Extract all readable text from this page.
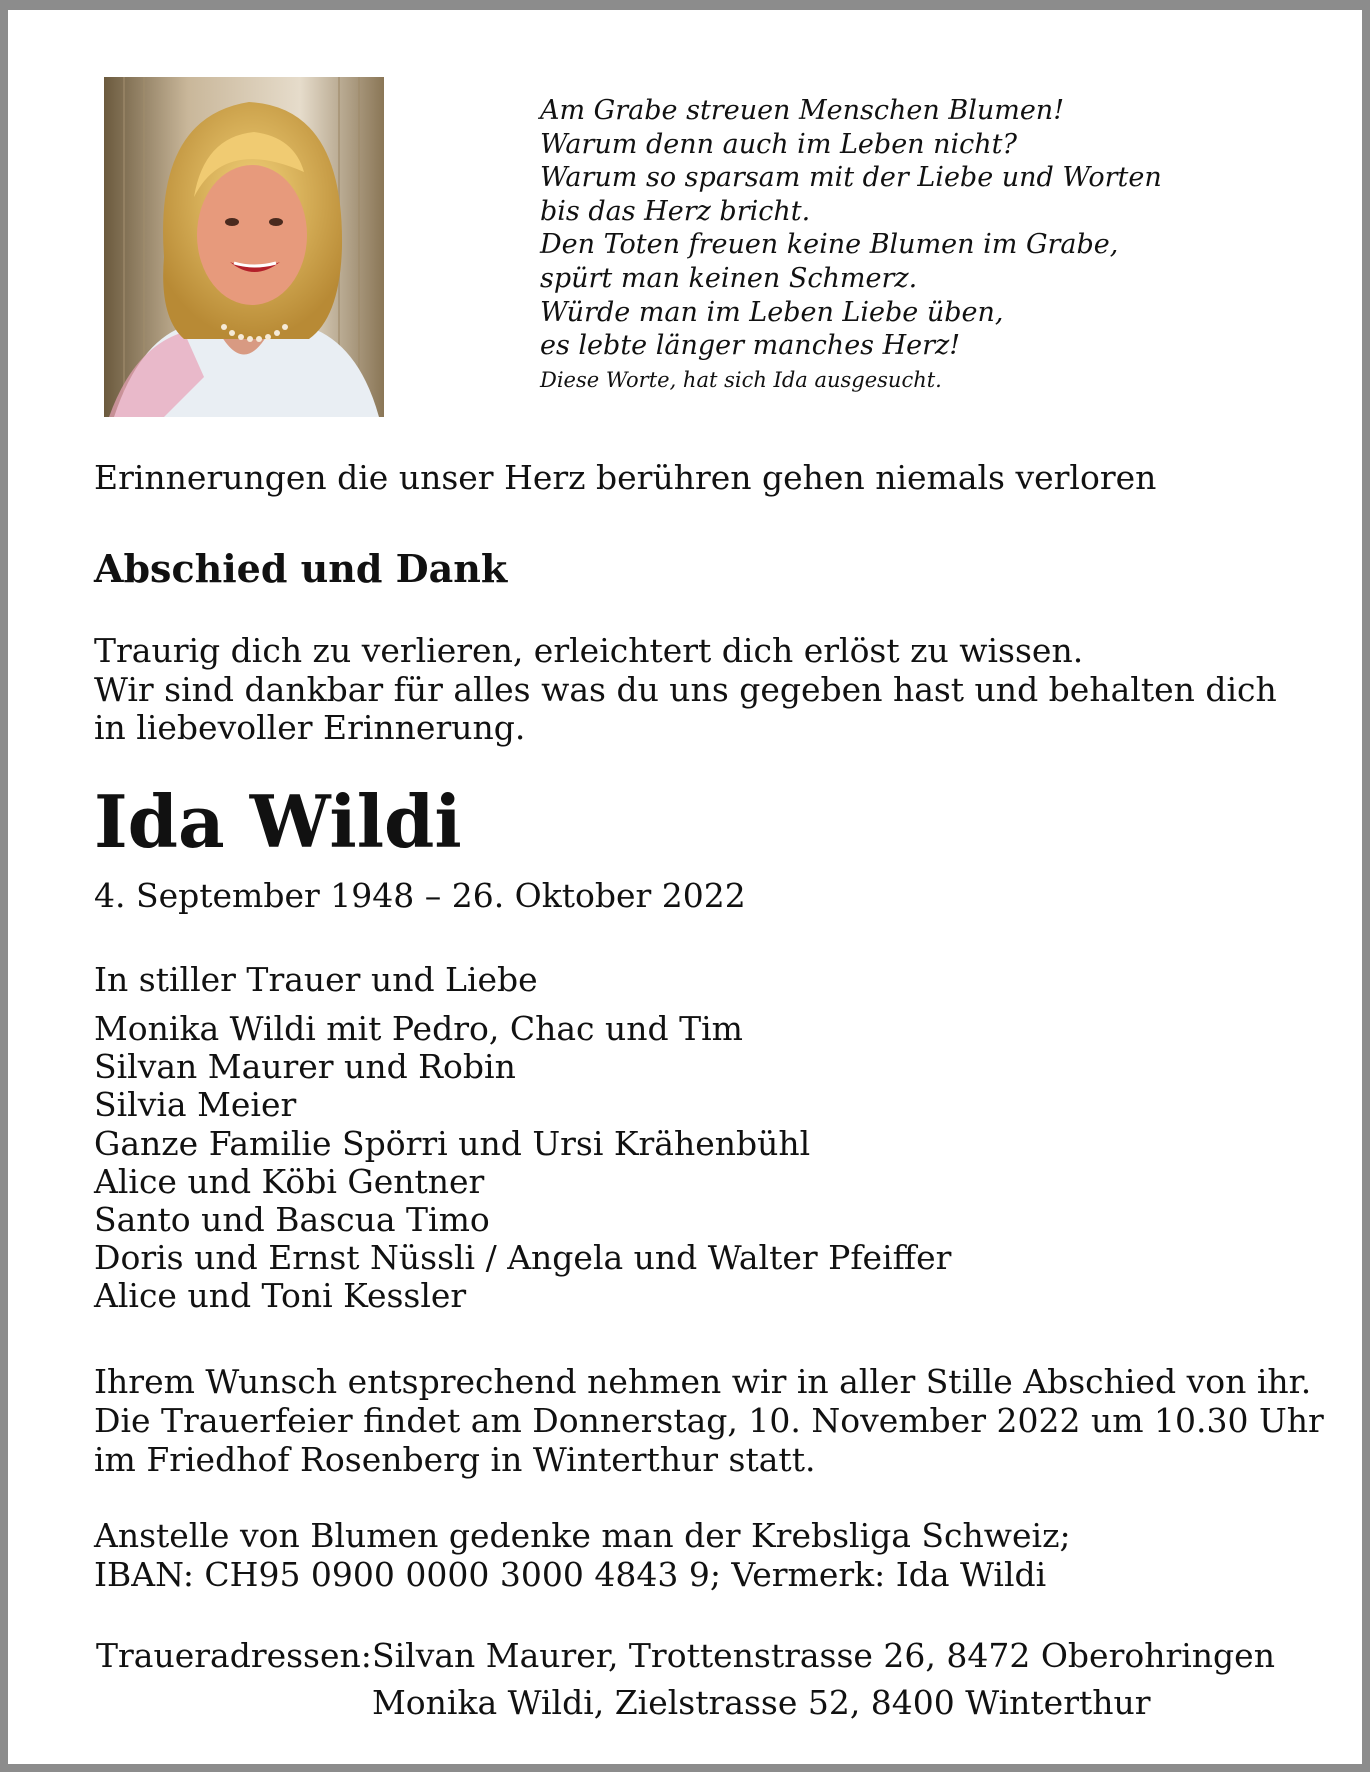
Am Grabe streuen Menschen Blumen!
Warum denn auch im Leben nicht?
Warum so sparsam mit der Liebe und Worten
bis das Herz bricht.
Den Toten freuen keine Blumen im Grabe,
spürt man keinen Schmerz.
Würde man im Leben Liebe üben,
es lebte länger manches Herz!
Diese Worte, hat sich Ida ausgesucht.
Erinnerungen die unser Herz berühren gehen niemals verloren
Abschied und Dank
Traurig dich zu verlieren, erleichtert dich erlöst zu wissen.
Wir sind dankbar für alles was du uns gegeben hast und behalten dich
in liebevoller Erinnerung.
Ida Wildi
4. September 1948 – 26. Oktober 2022
In stiller Trauer und Liebe
Monika Wildi mit Pedro, Chac und Tim
Silvan Maurer und Robin
Silvia Meier
Ganze Familie Spörri und Ursi Krähenbühl
Alice und Köbi Gentner
Santo und Bascua Timo
Doris und Ernst Nüssli / Angela und Walter Pfeiffer
Alice und Toni Kessler
Ihrem Wunsch entsprechend nehmen wir in aller Stille Abschied von ihr.
Die Trauerfeier findet am Donnerstag, 10. November 2022 um 10.30 Uhr
im Friedhof Rosenberg in Winterthur statt.
Anstelle von Blumen gedenke man der Krebsliga Schweiz;
IBAN: CH95 0900 0000 3000 4843 9; Vermerk: Ida Wildi
Traueradressen: Silvan Maurer, Trottenstrasse 26, 8472 Oberohringen
Monika Wildi, Zielstrasse 52, 8400 Winterthur
